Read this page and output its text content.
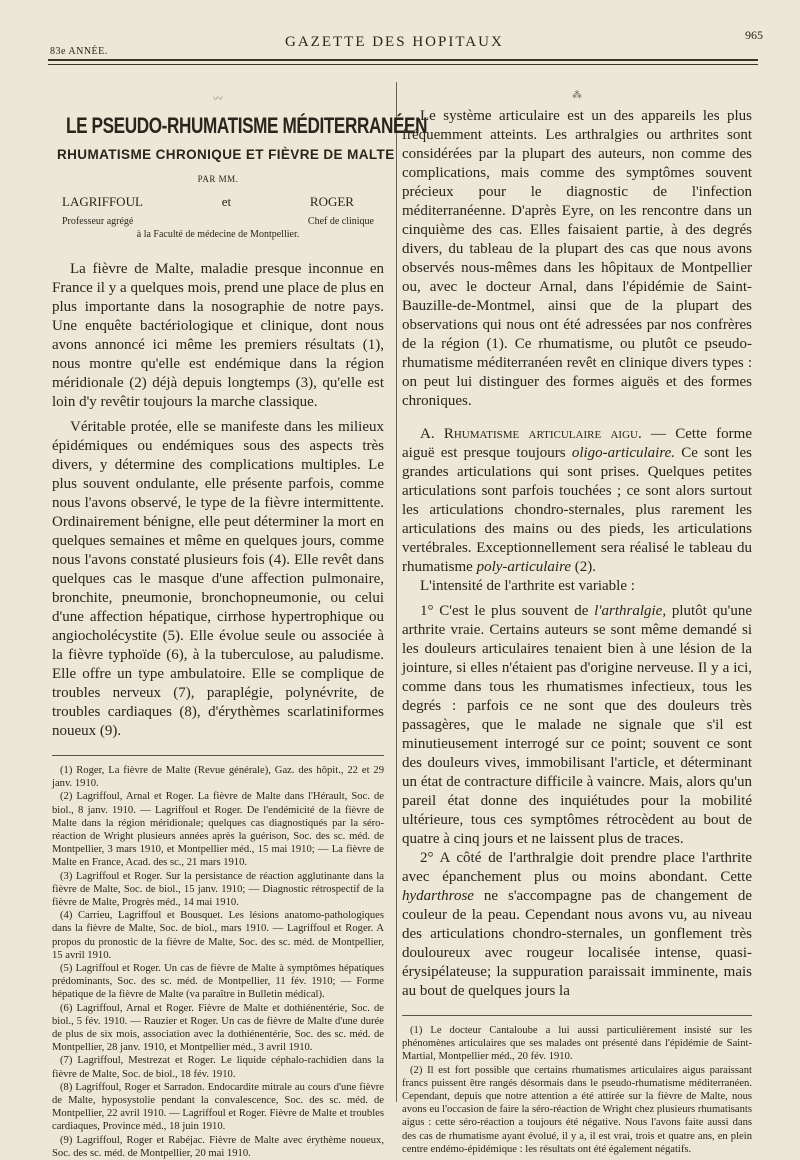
83e ANNÉE.
GAZETTE DES HOPITAUX	965
〰
LE PSEUDO-RHUMATISME MÉDITERRANÉEN
RHUMATISME CHRONIQUE ET FIÈVRE DE MALTE
PAR MM.
LAGRIFFOUL	et	ROGER
Professeur agrégé	Chef de clinique
à la Faculté de médecine de Montpellier.

La fièvre de Malte, maladie presque inconnue en France il y a quelques mois, prend une place de plus en plus importante dans la nosographie de notre pays. Une enquête bactériologique et clinique, dont nous avons annoncé ici même les premiers résultats (1), nous montre qu'elle est endémique dans la région méridionale (2) déjà depuis longtemps (3), qu'elle est loin d'y revêtir toujours la marche classique.

Véritable protée, elle se manifeste dans les milieux épidémiques ou endémiques sous des aspects très divers, y détermine des complications multiples. Le plus souvent ondulante, elle présente parfois, comme nous l'avons observé, le type de la fièvre intermittente. Ordinairement bénigne, elle peut déterminer la mort en quelques semaines et même en quelques jours, comme nous l'avons constaté plusieurs fois (4). Elle revêt dans quelques cas le masque d'une affection pulmonaire, bronchite, pneumonie, bronchopneumonie, ou celui d'une affection hépatique, cirrhose hypertrophique ou angiocholécystite (5). Elle évolue seule ou associée à la fièvre typhoïde (6), à la tuberculose, au paludisme. Elle offre un type ambulatoire. Elle se complique de troubles nerveux (7), paraplégie, polynévrite, de troubles cardiaques (8), d'érythèmes scarlatiniformes noueux (9).

(1) Roger, La fièvre de Malte (Revue générale), Gaz. des hôpit., 22 et 29 janv. 1910.
(2) Lagriffoul, Arnal et Roger. La fièvre de Malte dans l'Hérault, Soc. de biol., 8 janv. 1910. — Lagriffoul et Roger. De l'endémicité de la fièvre de Malte dans la région méridionale; quelques cas diagnostiqués par la séro-réaction de Wright plusieurs années après la guérison, Soc. des sc. méd. de Montpellier, 3 mars 1910, et Montpellier méd., 15 mai 1910; — La fièvre de Malte en France, Acad. des sc., 21 mars 1910.
(3) Lagriffoul et Roger. Sur la persistance de réaction agglutinante dans la fièvre de Malte, Soc. de biol., 15 janv. 1910; — Diagnostic rétrospectif de la fièvre de Malte, Progrès méd., 14 mai 1910.
(4) Carrieu, Lagriffoul et Bousquet. Les lésions anatomo-pathologiques dans la fièvre de Malte, Soc. de biol., mars 1910. — Lagriffoul et Roger. A propos du pronostic de la fièvre de Malte, Soc. des sc. méd. de Montpellier, 15 avril 1910.
(5) Lagriffoul et Roger. Un cas de fièvre de Malte à symptômes hépatiques prédominants, Soc. des sc. méd. de Montpellier, 11 fév. 1910; — Forme hépatique de la fièvre de Malte (va paraître in Bulletin médical).
(6) Lagriffoul, Arnal et Roger. Fièvre de Malte et dothiénentérie, Soc. de biol., 5 fév. 1910. — Rauzier et Roger. Un cas de fièvre de Malte d'une durée de plus de six mois, association avec la dothiénentérie, Soc. des sc. méd. de Montpellier, 28 janv. 1910, et Montpellier méd., 3 avril 1910.
(7) Lagriffoul, Mestrezat et Roger. Le liquide céphalo-rachidien dans la fièvre de Malte, Soc. de biol., 18 fév. 1910.
(8) Lagriffoul, Roger et Sarradon. Endocardite mitrale au cours d'une fièvre de Malte, hyposystolie pendant la convalescence, Soc. des sc. méd. de Montpellier, 22 avril 1910. — Lagriffoul et Roger. Fièvre de Malte et troubles cardiaques, Province méd., 18 juin 1910.
(9) Lagriffoul, Roger et Rabéjac. Fièvre de Malte avec érythème noueux, Soc. des sc. méd. de Montpellier, 20 mai 1910.
⁂

Le système articulaire est un des appareils les plus fréquemment atteints. Les arthralgies ou arthrites sont considérées par la plupart des auteurs, non comme des complications, mais comme des symptômes souvent précieux pour le diagnostic de l'infection méditerranéenne. D'après Eyre, on les rencontre dans un cinquième des cas. Elles faisaient partie, à des degrés divers, du tableau de la plupart des cas que nous avons observés nous-mêmes dans les hôpitaux de Montpellier ou, avec le docteur Arnal, dans l'épidémie de Saint-Bauzille-de-Montmel, ainsi que de la plupart des observations qui nous ont été adressées par nos confrères de la région (1). Ce rhumatisme, ou plutôt ce pseudo-rhumatisme méditerranéen revêt en clinique divers types : on peut lui distinguer des formes aiguës et des formes chroniques.

A. Rhumatisme articulaire aigu. — Cette forme aiguë est presque toujours oligo-articulaire. Ce sont les grandes articulations qui sont prises. Quelques petites articulations sont parfois touchées ; ce sont alors surtout les articulations chondro-sternales, plus rarement les articulations des mains ou des pieds, les articulations vertébrales. Exceptionnellement sera réalisé le tableau du rhumatisme poly-articulaire (2).

L'intensité de l'arthrite est variable :

1° C'est le plus souvent de l'arthralgie, plutôt qu'une arthrite vraie. Certains auteurs se sont même demandé si les douleurs articulaires tenaient bien à une lésion de la jointure, si elles n'étaient pas d'origine nerveuse. Il y a ici, comme dans tous les rhumatismes infectieux, tous les degrés : parfois ce ne sont que des douleurs très passagères, que le malade ne signale que s'il est minutieusement interrogé sur ce point; souvent ce sont des douleurs vives, immobilisant l'article, et déterminant un état de contracture difficile à vaincre. Mais, alors qu'un pareil état donne des inquiétudes pour la mobilité ultérieure, tous ces symptômes rétrocèdent au bout de quatre à cinq jours et ne laissent plus de traces.

2° A côté de l'arthralgie doit prendre place l'arthrite avec épanchement plus ou moins abondant. Cette hydarthrose ne s'accompagne pas de changement de couleur de la peau. Cependant nous avons vu, au niveau des articulations chondro-sternales, un gonflement très douloureux avec rougeur localisée intense, quasi-érysipélateuse; la suppuration paraissait imminente, mais au bout de quelques jours la

(1) Le docteur Cantaloube a lui aussi particulièrement insisté sur les phénomènes articulaires que ses malades ont présenté dans l'épidémie de Saint-Martial, Montpellier méd., 20 fév. 1910.
(2) Il est fort possible que certains rhumatismes articulaires aigus paraissant francs puissent être rangés désormais dans le pseudo-rhumatisme méditerranéen. Cependant, depuis que notre attention a été attirée sur la fièvre de Malte, nous avons eu l'occasion de faire la séro-réaction de Wright chez plusieurs rhumatisants aigus : cette séro-réaction a toujours été négative. Nous l'avons faite aussi dans des cas de rhumatisme ayant évolué, il y a, il est vrai, trois et quatre ans, en plein centre endémo-épidémique : les résultats ont été également négatifs.
